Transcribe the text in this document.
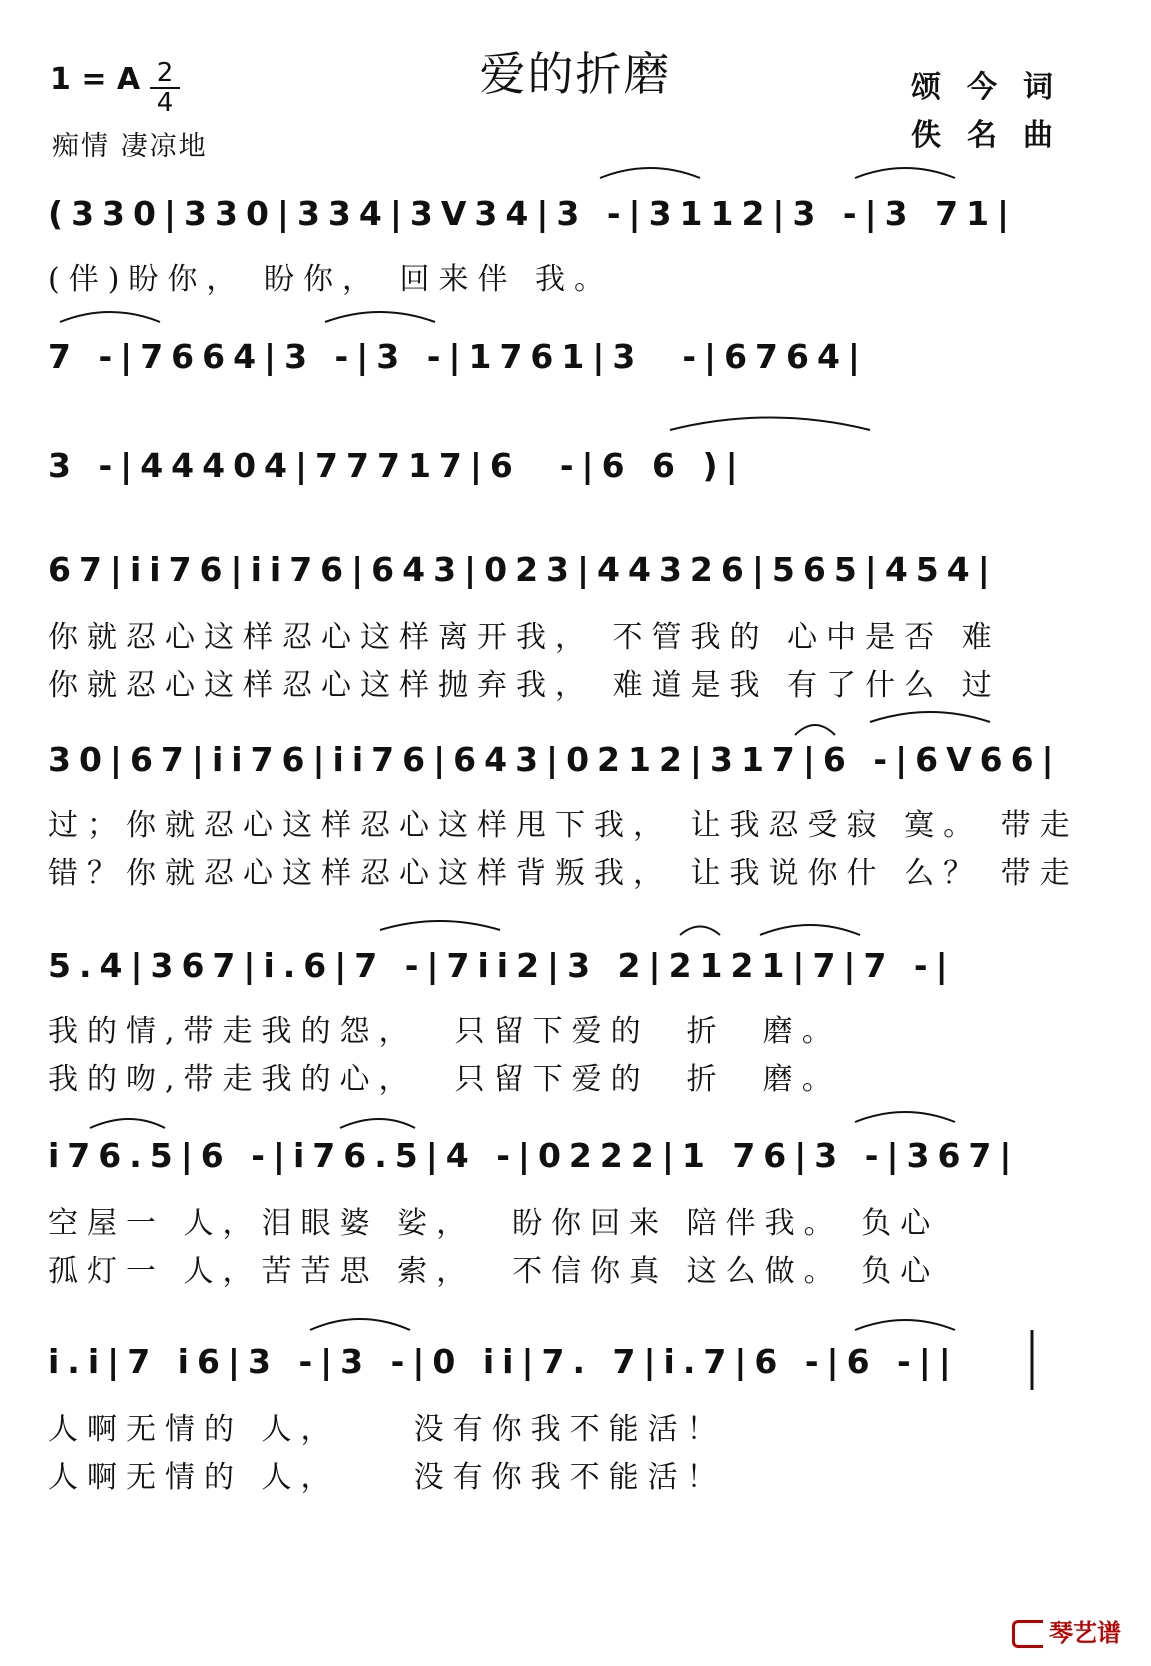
1 = A 2
4
爱的折磨
痴情 凄凉地
颂今词
佚名曲
(330|330|334|3V34|3 -|3112|3 -|3 71|
(伴)盼你， 盼你， 回来伴 我。
7 -|7664|3 -|3 -|1761|3  -|6764|
3 -|44404|77717|6  -|6 6 )|
67|ii76|ii76|643|023|44326|565|454|
你就忍心这样忍心这样离开我， 不管我的 心中是否 难
你就忍心这样忍心这样抛弃我， 难道是我 有了什么 过
30|67|ii76|ii76|643|0212|317|6 -|6V66|
过；你就忍心这样忍心这样甩下我， 让我忍受寂 寞。 带走
错？你就忍心这样忍心这样背叛我， 让我说你什 么？ 带走
5.4|367|i.6|7 -|7ii2|3 2|2121|7|7 -|
我的情,带走我的怨，  只留下爱的  折  磨。
我的吻,带走我的心，  只留下爱的  折  磨。
i76.5|6 -|i76.5|4 -|0222|1 76|3 -|367|
空屋一 人，泪眼婆 娑，  盼你回来 陪伴我。 负心
孤灯一 人，苦苦思 索，  不信你真 这么做。 负心
i.i|7 i6|3 -|3 -|0 ii|7. 7|i.7|6 -|6 -||
人啊无情的 人，    没有你我不能活！
人啊无情的 人，    没有你我不能活！
琴艺谱
